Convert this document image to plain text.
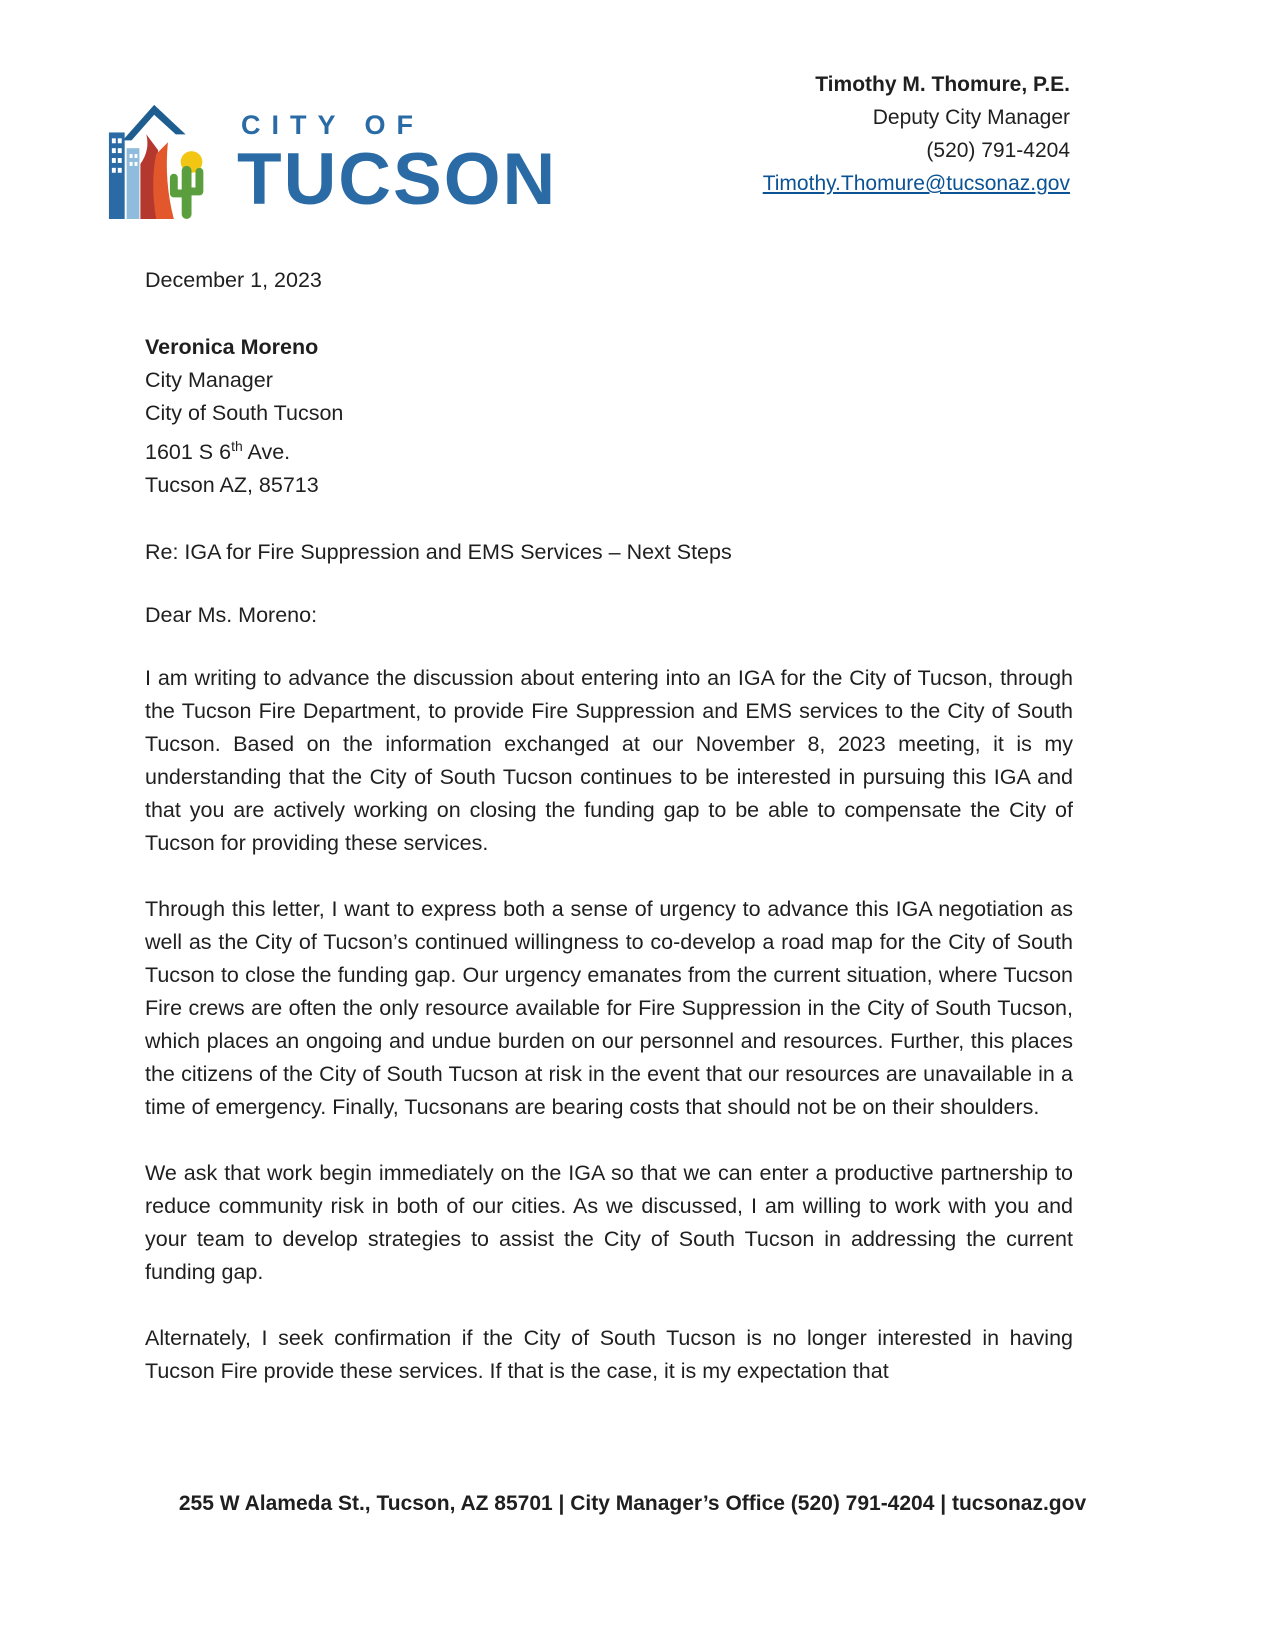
Timothy M. Thomure, P.E.
Deputy City Manager
(520) 791-4204
Timothy.Thomure@tucsonaz.gov
CITY OF
TUCSON
December 1, 2023
Veronica Moreno
City Manager
City of South Tucson
1601 S 6th Ave.
Tucson AZ, 85713
Re: IGA for Fire Suppression and EMS Services – Next Steps
Dear Ms. Moreno:

I am writing to advance the discussion about entering into an IGA for the City of Tucson, through the Tucson Fire Department, to provide Fire Suppression and EMS services to the City of South Tucson. Based on the information exchanged at our November 8, 2023 meeting, it is my understanding that the City of South Tucson continues to be interested in pursuing this IGA and that you are actively working on closing the funding gap to be able to compensate the City of Tucson for providing these services.

Through this letter, I want to express both a sense of urgency to advance this IGA negotiation as well as the City of Tucson’s continued willingness to co-develop a road map for the City of South Tucson to close the funding gap. Our urgency emanates from the current situation, where Tucson Fire crews are often the only resource available for Fire Suppression in the City of South Tucson, which places an ongoing and undue burden on our personnel and resources. Further, this places the citizens of the City of South Tucson at risk in the event that our resources are unavailable in a time of emergency. Finally, Tucsonans are bearing costs that should not be on their shoulders.

We ask that work begin immediately on the IGA so that we can enter a productive partnership to reduce community risk in both of our cities. As we discussed, I am willing to work with you and your team to develop strategies to assist the City of South Tucson in addressing the current funding gap.

Alternately, I seek confirmation if the City of South Tucson is no longer interested in having Tucson Fire provide these services. If that is the case, it is my expectation that

255 W Alameda St., Tucson, AZ 85701 | City Manager’s Office (520) 791-4204 | tucsonaz.gov
